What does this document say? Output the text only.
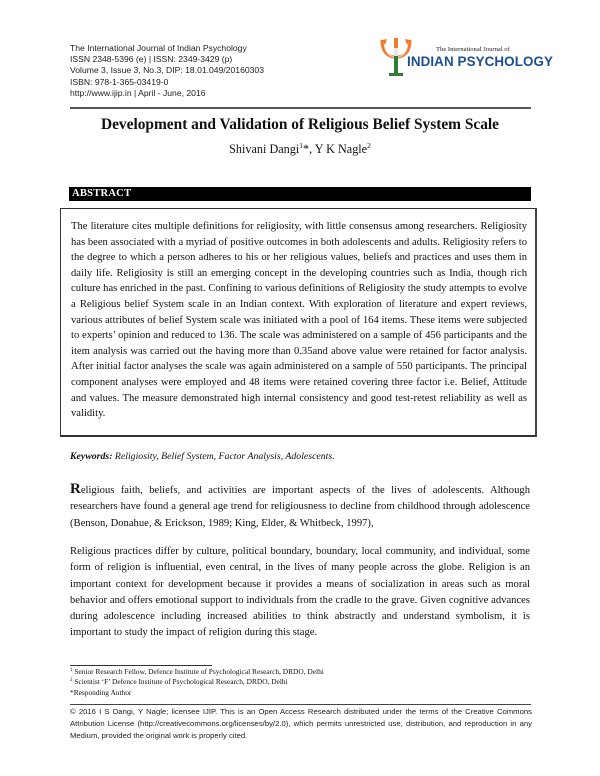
The International Journal of Indian Psychology
ISSN 2348-5396 (e) | ISSN: 2349-3429 (p)
Volume 3, Issue 3, No.3, DIP: 18.01.049/20160303
ISBN: 978-1-365-03419-0
http://www.ijip.in | April - June, 2016
The International Journal of
INDIAN PSYCHOLOGY
Development and Validation of Religious Belief System Scale
Shivani Dangi$^1$*, Y K Nagle$^2$
ABSTRACT
The literature cites multiple definitions for religiosity, with little consensus among researchers. Religiosity has been associated with a myriad of positive outcomes in both adolescents and adults. Religiosity refers to the degree to which a person adheres to his or her religious values, beliefs and practices and uses them in daily life. Religiosity is still an emerging concept in the developing countries such as India, though rich culture has enriched in the past. Confining to various definitions of Religiosity the study attempts to evolve a Religious belief System scale in an Indian context. With exploration of literature and expert reviews, various attributes of belief System scale was initiated with a pool of 164 items. These items were subjected to experts’ opinion and reduced to 136. The scale was administered on a sample of 456 participants and the item analysis was carried out the having more than 0.35and above value were retained for factor analysis. After initial factor analyses the scale was again administered on a sample of 550 participants. The principal component analyses were employed and 48 items were retained covering three factor i.e. Belief, Attitude and values. The measure demonstrated high internal consistency and good test-retest reliability as well as validity.
Keywords: Religiosity, Belief System, Factor Analysis, Adolescents.
Religious faith, beliefs, and activities are important aspects of the lives of adolescents. Although researchers have found a general age trend for religiousness to decline from childhood through adolescence (Benson, Donahue, & Erickson, 1989; King, Elder, & Whitbeck, 1997),
Religious practices differ by culture, political boundary, boundary, local community, and individual, some form of religion is influential, even central, in the lives of many people across the globe. Religion is an important context for development because it provides a means of socialization in areas such as moral behavior and offers emotional support to individuals from the cradle to the grave. Given cognitive advances during adolescence including increased abilities to think abstractly and understand symbolism, it is important to study the impact of religion during this stage.
$^1$ Senior Research Fellow, Defence Institute of Psychological Research, DRDO, Delhi
$^2$ Scientist ‘F’ Defence Institute of Psychological Research, DRDO, Delhi
*Responding Author
© 2016 I S Dangi, Y Nagle; licensee IJIP. This is an Open Access Research distributed under the terms of the Creative Commons Attribution License (http://creativecommons.org/licenses/by/2.0), which permits unrestricted use, distribution, and reproduction in any Medium, provided the original work is properly cited.
